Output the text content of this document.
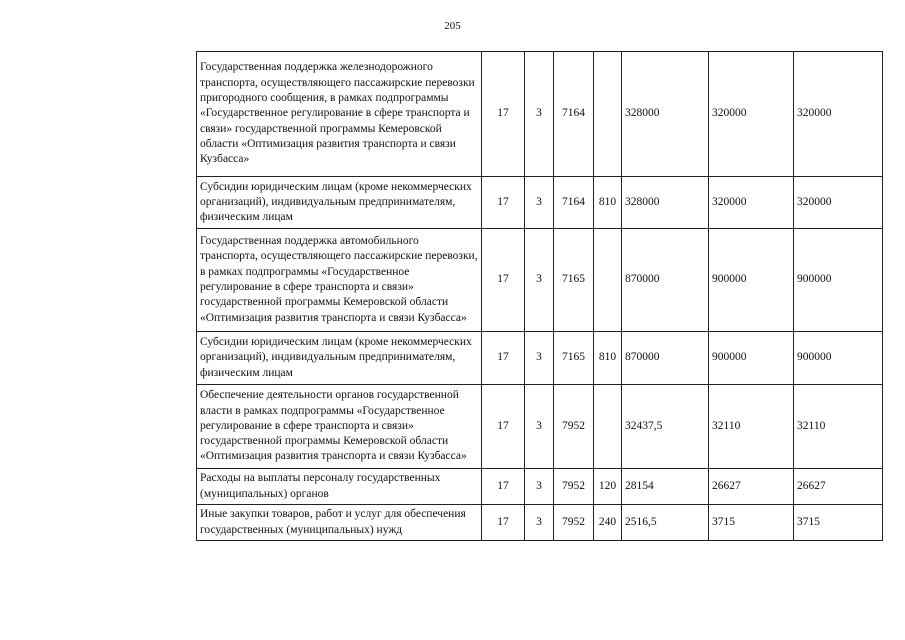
205
Государственная поддержка железнодорожного транспорта, осуществляющего пассажирские перевозки пригородного сообщения, в рамках подпрограммы «Государственное регулирование в сфере транспорта и связи» государственной программы Кемеровской области «Оптимизация развития транспорта и связи Кузбасса»	17	3	7164		328000	320000	320000
Субсидии юридическим лицам (кроме некоммерческих организаций), индивидуальным предпринимателям, физическим лицам	17	3	7164	810	328000	320000	320000
Государственная поддержка автомобильного транспорта, осуществляющего пассажирские перевозки, в рамках подпрограммы «Государственное регулирование в сфере транспорта и связи» государственной программы Кемеровской области «Оптимизация развития транспорта и связи Кузбасса»	17	3	7165		870000	900000	900000
Субсидии юридическим лицам (кроме некоммерческих организаций), индивидуальным предпринимателям, физическим лицам	17	3	7165	810	870000	900000	900000
Обеспечение деятельности органов государственной власти в рамках подпрограммы «Государственное регулирование в сфере транспорта и связи» государственной программы Кемеровской области «Оптимизация развития транспорта и связи Кузбасса»	17	3	7952		32437,5	32110	32110
Расходы на выплаты персоналу государственных (муниципальных) органов	17	3	7952	120	28154	26627	26627
Иные закупки товаров, работ и услуг для обеспечения государственных (муниципальных) нужд	17	3	7952	240	2516,5	3715	3715
